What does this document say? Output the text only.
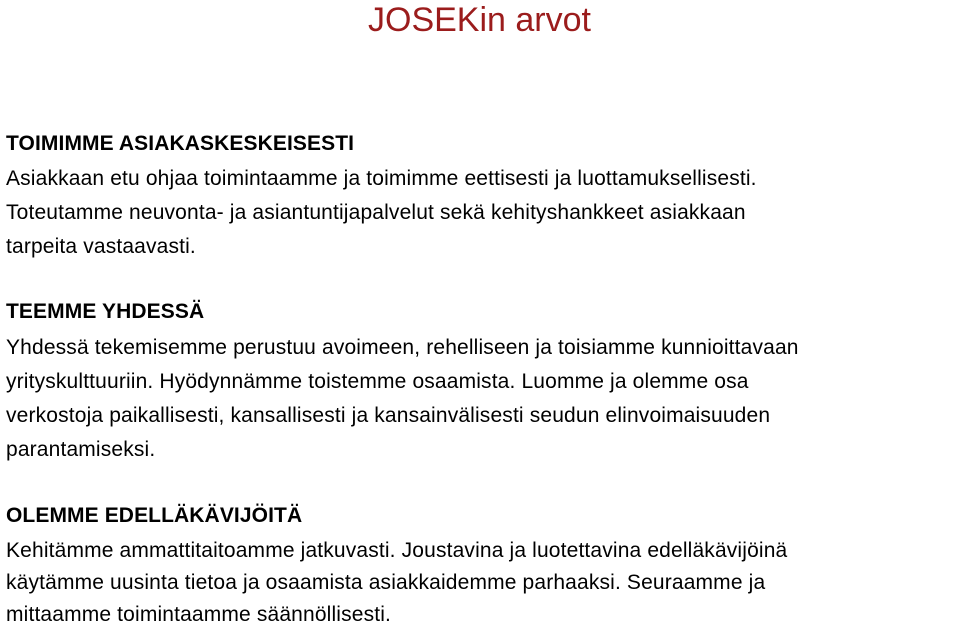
JOSEKin arvot
TOIMIMME ASIAKASKESKEISESTI
Asiakkaan etu ohjaa toimintaamme ja toimimme eettisesti ja luottamuksellisesti.
Toteutamme neuvonta- ja asiantuntijapalvelut sekä kehityshankkeet asiakkaan
tarpeita vastaavasti.
TEEMME YHDESSÄ
Yhdessä tekemisemme perustuu avoimeen, rehelliseen ja toisiamme kunnioittavaan
yrityskulttuuriin. Hyödynnämme toistemme osaamista. Luomme ja olemme osa
verkostoja paikallisesti, kansallisesti ja kansainvälisesti seudun elinvoimaisuuden
parantamiseksi.
OLEMME EDELLÄKÄVIJÖITÄ
Kehitämme ammattitaitoamme jatkuvasti. Joustavina ja luotettavina edelläkävijöinä
käytämme uusinta tietoa ja osaamista asiakkaidemme parhaaksi. Seuraamme ja
mittaamme toimintaamme säännöllisesti.
